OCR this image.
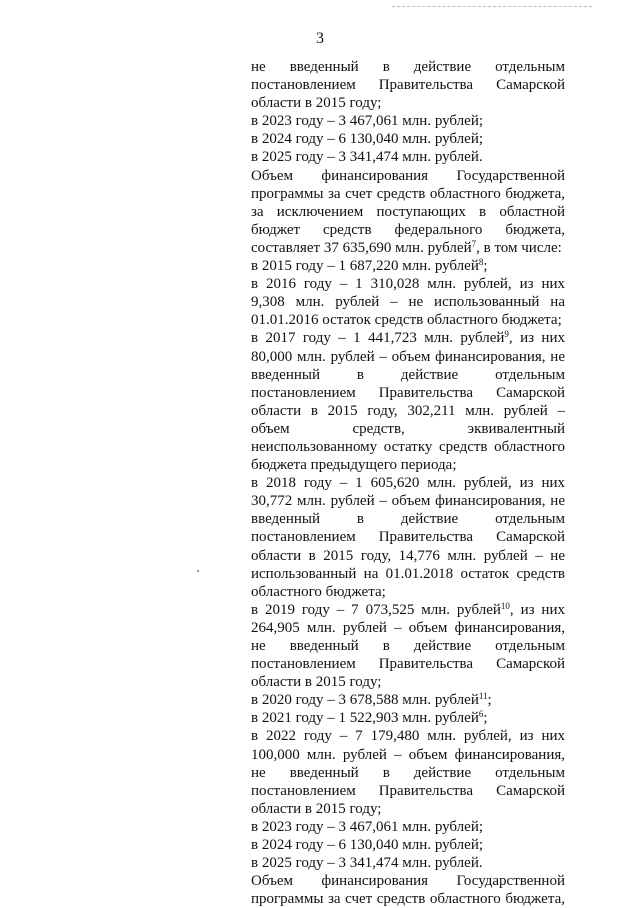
3

не введенный в действие отдельным постановлением Правительства Самарской области в 2015 году;

в 2023 году – 3 467,061 млн. рублей;

в 2024 году – 6 130,040 млн. рублей;

в 2025 году – 3 341,474 млн. рублей.

Объем финансирования Государственной программы за счет средств областного бюджета, за исключением поступающих в областной бюджет средств федерального бюджета, составляет 37 635,690 млн. рублей$^7$, в том числе:

в 2015 году – 1 687,220 млн. рублей$^8$;

в 2016 году – 1 310,028 млн. рублей, из них 9,308 млн. рублей – не использованный на 01.01.2016 остаток средств областного бюджета;

в 2017 году – 1 441,723 млн. рублей$^9$, из них 80,000 млн. рублей – объем финансирования, не введенный в действие отдельным постановлением Правительства Самарской области в 2015 году, 302,211 млн. рублей – объем средств, эквивалентный неиспользованному остатку средств областного бюджета предыдущего периода;

в 2018 году – 1 605,620 млн. рублей, из них 30,772 млн. рублей – объем финансирования, не введенный в действие отдельным постановлением Правительства Самарской области в 2015 году, 14,776 млн. рублей – не использованный на 01.01.2018 остаток средств областного бюджета;

в 2019 году – 7 073,525 млн. рублей$^{10}$, из них 264,905 млн. рублей – объем финансирования, не введенный в действие отдельным постановлением Правительства Самарской области в 2015 году;

в 2020 году – 3 678,588 млн. рублей$^{11}$;

в 2021 году – 1 522,903 млн. рублей$^6$;

в 2022 году – 7 179,480 млн. рублей, из них 100,000 млн. рублей – объем финансирования, не введенный в действие отдельным постановлением Правительства Самарской области в 2015 году;

в 2023 году – 3 467,061 млн. рублей;

в 2024 году – 6 130,040 млн. рублей;

в 2025 году – 3 341,474 млн. рублей.

Объем финансирования Государственной программы за счет средств областного бюджета,
